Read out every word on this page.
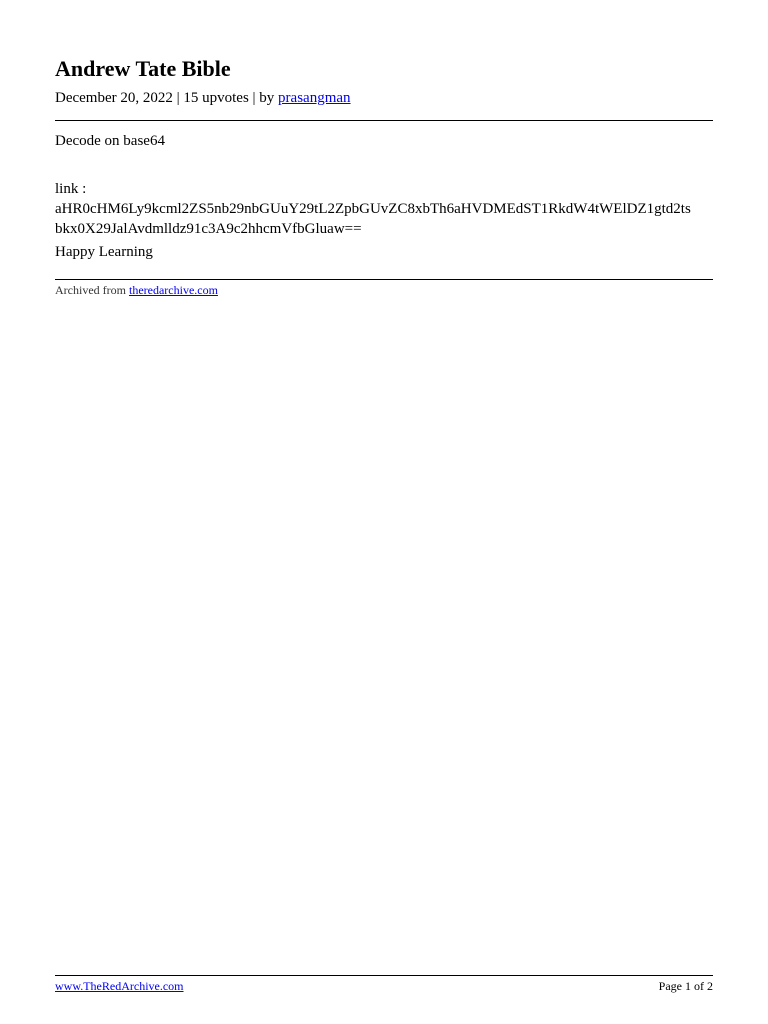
Andrew Tate Bible
December 20, 2022 | 15 upvotes | by prasangman
Decode on base64
link :
aHR0cHM6Ly9kcml2ZS5nb29nbGUuY29tL2ZpbGUvZC8xbTh6aHVDMEdST1RkdW4tWElDZ1gtd2ts
bkx0X29JalAvdmlldz91c3A9c2hhcmVfbGluaw==
Happy Learning
Archived from theredarchive.com
www.TheRedArchive.com	Page 1 of 2
